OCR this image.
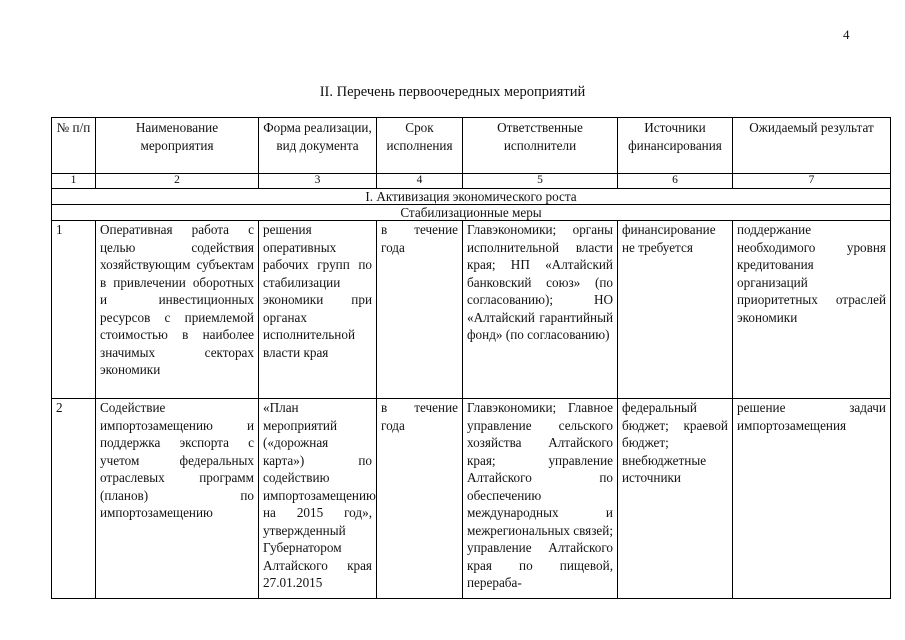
4
II. Перечень первоочередных мероприятий
№ п/п	Наименование мероприятия	Форма реализации, вид документа	Срок исполнения	Ответственные исполнители	Источники финансирования	Ожидаемый результат
1	2	3	4	5	6	7
I. Активизация экономического роста						
Стабилизационные меры						
1	Оперативная работа с целью содействия хозяйствующим субъектам в привлечении оборотных и инвестиционных ресурсов с приемлемой стоимостью в наиболее значимых секторах экономики	решения оперативных рабочих групп по стабилизации экономики при органах исполнительной власти края	в течение года	Главэкономики; органы исполнительной власти края; НП «Алтайский банковский союз» (по согласованию); НО «Алтайский гарантийный фонд» (по согласованию)	финансирование не требуется	поддержание необходимого уровня кредитования организаций приоритетных отраслей экономики
2	Содействие импортозамещению и поддержка экспорта с учетом федеральных отраслевых программ (планов) по импортозамещению	«План мероприятий («дорожная карта») по содействию импортозамещению на 2015 год», утвержденный Губернатором Алтайского края 27.01.2015	в течение года	Главэкономики; Главное управление сельского хозяйства Алтайского края; управление Алтайского по обеспечению международных и межрегиональных связей; управление Алтайского края по пищевой, перераба-	федеральный бюджет; краевой бюджет; внебюджетные источники	решение задачи импортозамещения
